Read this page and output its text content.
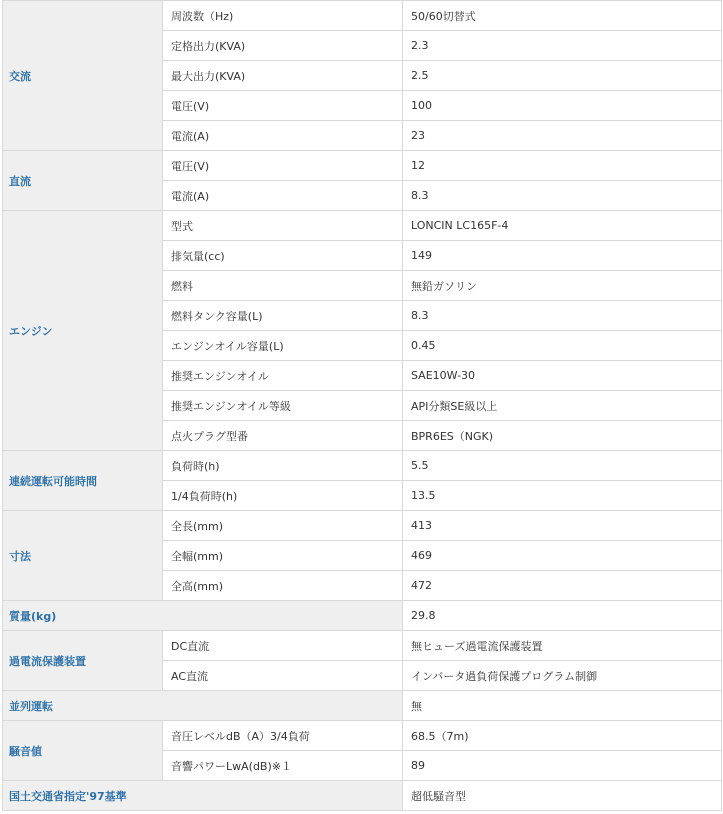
交流	周波数（Hz)	50/60切替式
	定格出力(KVA)	2.3
	最大出力(KVA)	2.5
	電圧(V)	100
	電流(A)	23
直流	電圧(V)	12
	電流(A)	8.3
エンジン	型式	LONCIN LC165F-4
	排気量(cc)	149
	燃料	無鉛ガソリン
	燃料タンク容量(L)	8.3
	エンジンオイル容量(L)	0.45
	推奨エンジンオイル	SAE10W-30
	推奨エンジンオイル等級	API分類SE級以上
	点火プラグ型番	BPR6ES（NGK)
連続運転可能時間	負荷時(h)	5.5
	1/4負荷時(h)	13.5
寸法	全長(mm)	413
	全幅(mm)	469
	全高(mm)	472
質量(kg)		29.8
過電流保護装置	DC直流	無ヒューズ過電流保護装置
	AC直流	インバータ過負荷保護プログラム制御
並列運転		無
騒音値	音圧レベルdB（A）3/4負荷	68.5（7m)
	音響パワーLwA(dB)※１	89
国土交通省指定'97基準		超低騒音型
